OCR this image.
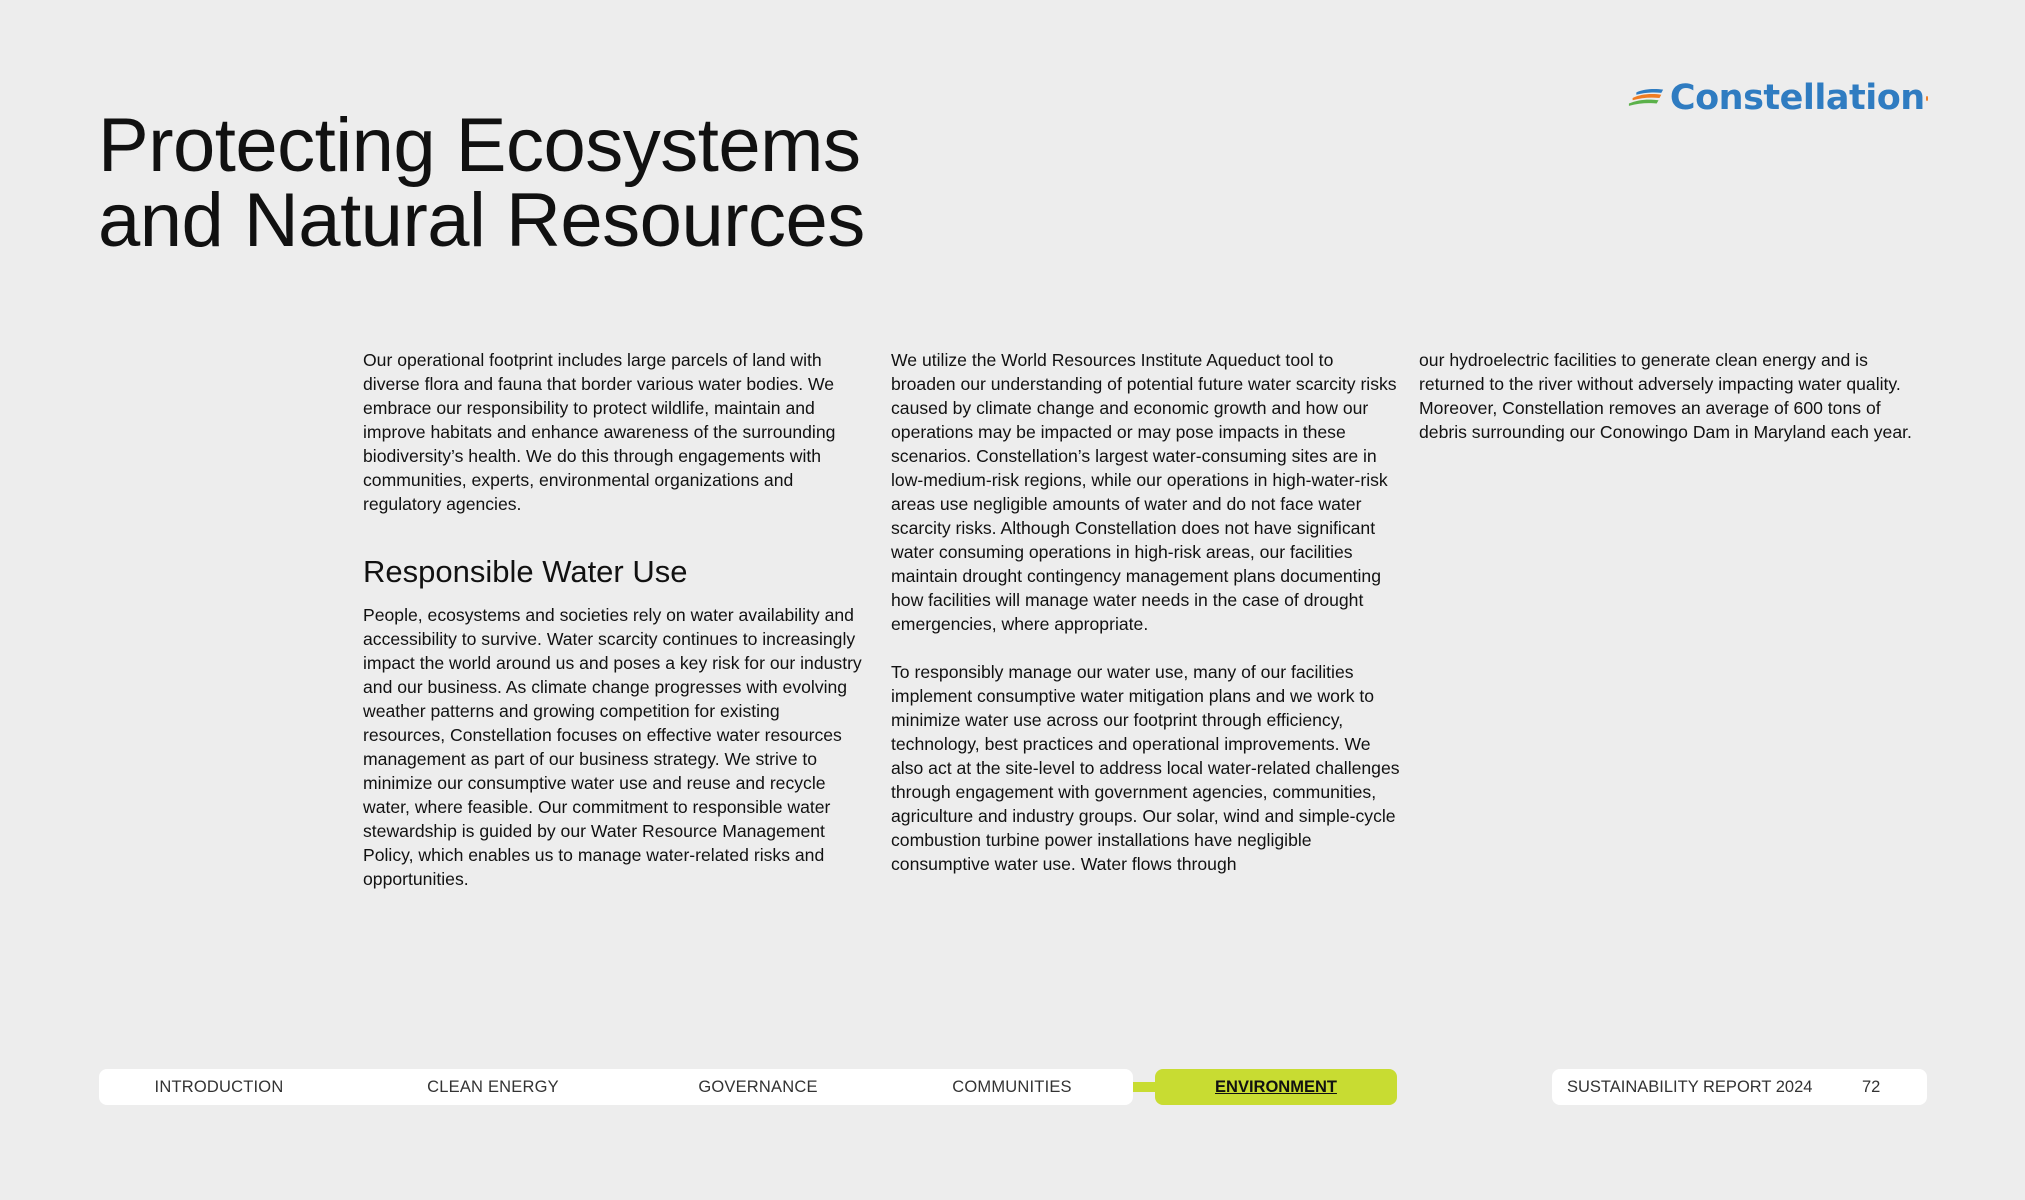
Constellation
Protecting Ecosystems
and Natural Resources

Our operational footprint includes large parcels of land with diverse flora and fauna that border various water bodies. We embrace our responsibility to protect wildlife, maintain and improve habitats and enhance awareness of the surrounding biodiversity’s health. We do this through engagements with communities, experts, environmental organizations and regulatory agencies.

Responsible Water Use

People, ecosystems and societies rely on water availability and accessibility to survive. Water scarcity continues to increasingly impact the world around us and poses a key risk for our industry and our business. As climate change progresses with evolving weather patterns and growing competition for existing resources, Constellation focuses on effective water resources management as part of our business strategy. We strive to minimize our consumptive water use and reuse and recycle water, where feasible. Our commitment to responsible water stewardship is guided by our Water Resource Management Policy, which enables us to manage water-related risks and opportunities.

We utilize the World Resources Institute Aqueduct tool to broaden our understanding of potential future water scarcity risks caused by climate change and economic growth and how our operations may be impacted or may pose impacts in these scenarios. Constellation’s largest water-consuming sites are in low-medium-risk regions, while our operations in high-water-risk areas use negligible amounts of water and do not face water scarcity risks. Although Constellation does not have significant water consuming operations in high-risk areas, our facilities maintain drought contingency management plans documenting how facilities will manage water needs in the case of drought emergencies, where appropriate.

To responsibly manage our water use, many of our facilities implement consumptive water mitigation plans and we work to minimize water use across our footprint through efficiency, technology, best practices and operational improvements. We also act at the site-level to address local water-related challenges through engagement with government agencies, communities, agriculture and industry groups. Our solar, wind and simple-cycle combustion turbine power installations have negligible consumptive water use. Water flows through

our hydroelectric facilities to generate clean energy and is returned to the river without adversely impacting water quality. Moreover, Constellation removes an average of 600 tons of debris surrounding our Conowingo Dam in Maryland each year.

INTRODUCTION	CLEAN ENERGY	GOVERNANCE	COMMUNITIES	ENVIRONMENT	SUSTAINABILITY REPORT 2024	72
